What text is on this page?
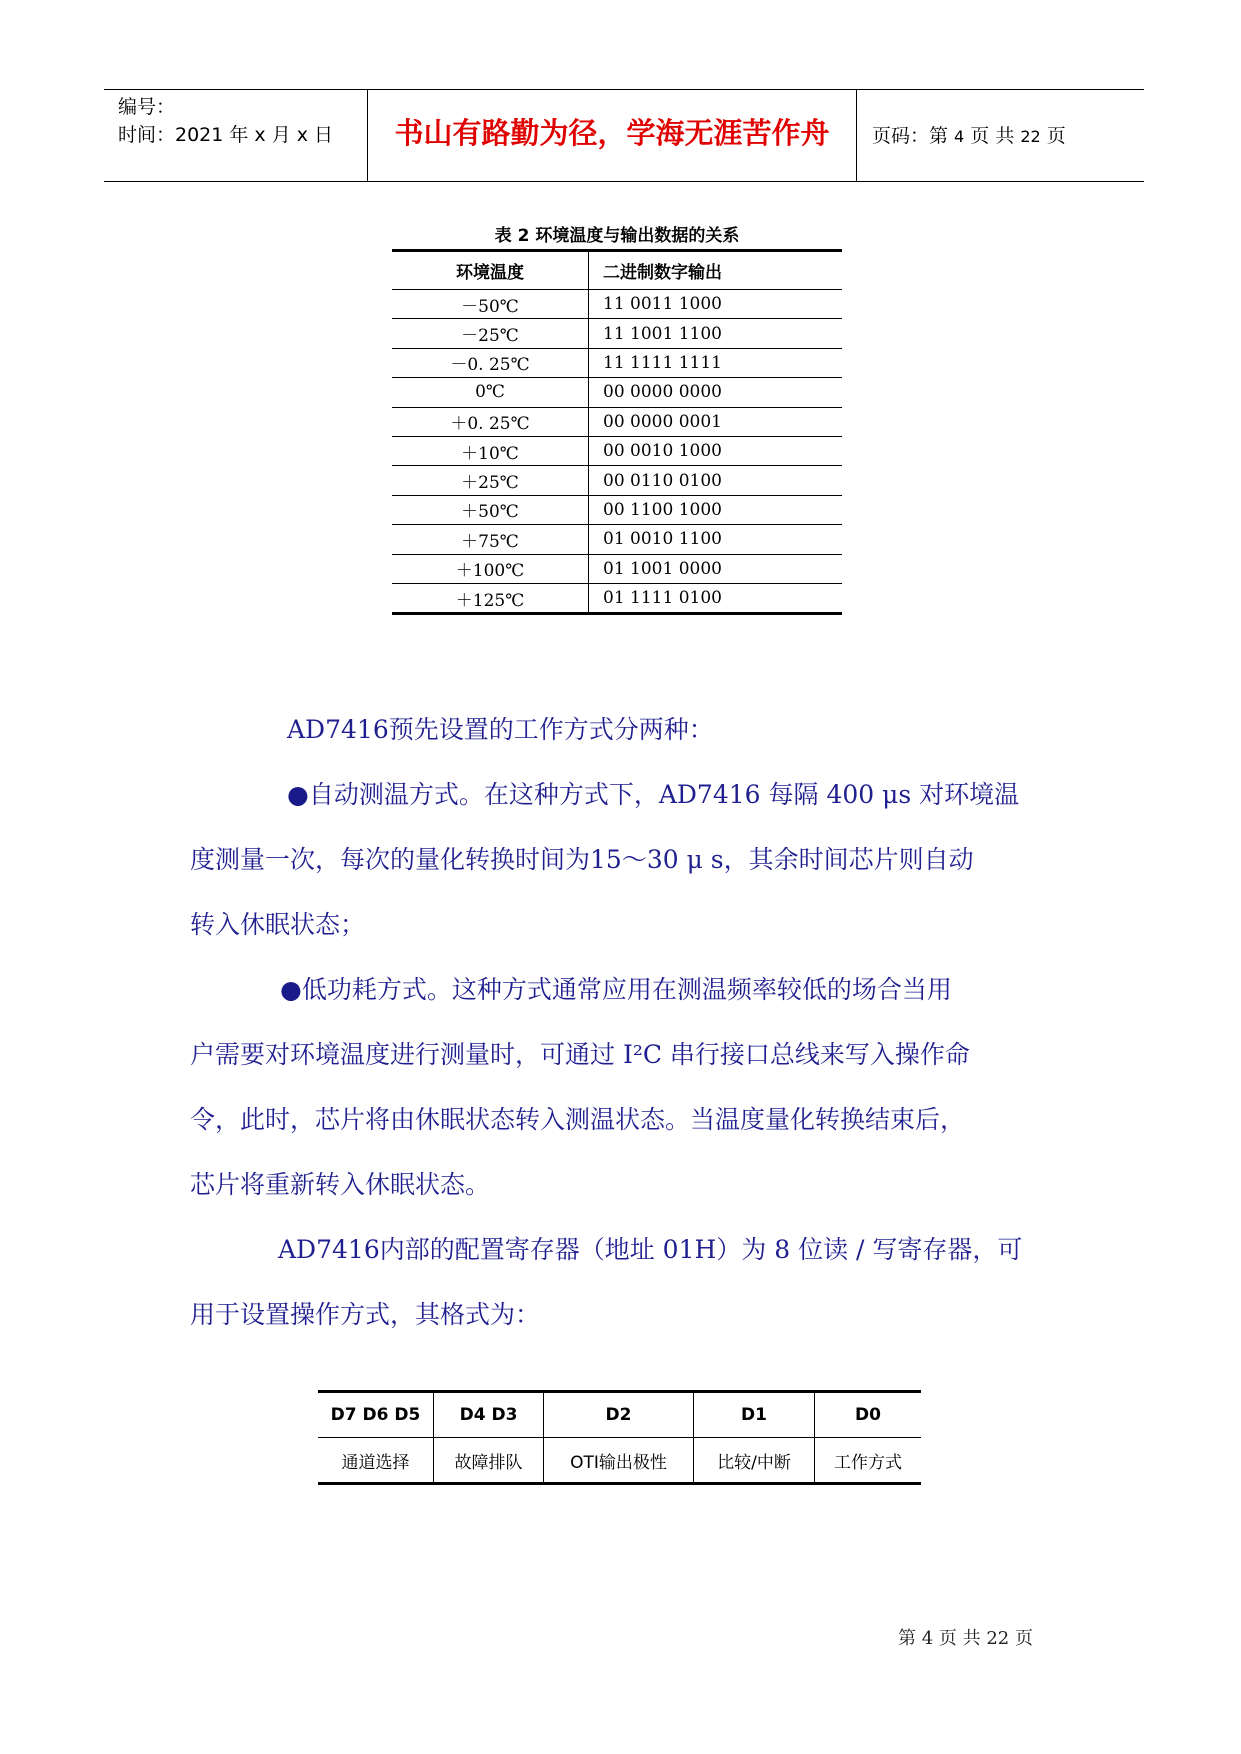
编号：
时间：2021 年 x 月 x 日	书山有路勤为径，学海无涯苦作舟	页码：第 4 页 共 22 页
表 2 环境温度与输出数据的关系
环境温度	二进制数字输出
－50℃	11 0011 1000
－25℃	11 1001 1100
－0. 25℃	11 1111 1111
0℃	00 0000 0000
＋0. 25℃	00 0000 0001
＋10℃	00 0010 1000
＋25℃	00 0110 0100
＋50℃	00 1100 1000
＋75℃	01 0010 1100
＋100℃	01 1001 0000
＋125℃	01 1111 0100

AD7416预先设置的工作方式分两种：

●自动测温方式。在这种方式下，AD7416 每隔 400 μs 对环境温

度测量一次，每次的量化转换时间为15～30 μ s，其余时间芯片则自动

转入休眠状态；

●低功耗方式。这种方式通常应用在测温频率较低的场合当用

户需要对环境温度进行测量时，可通过 I²C 串行接口总线来写入操作命

令，此时，芯片将由休眠状态转入测温状态。当温度量化转换结束后，

芯片将重新转入休眠状态。

AD7416内部的配置寄存器（地址 01H）为 8 位读 / 写寄存器，可

用于设置操作方式，其格式为：

D7 D6 D5	D4 D3	D2	D1	D0
通道选择	故障排队	OTI输出极性	比较/中断	工作方式
第 4 页 共 22 页
